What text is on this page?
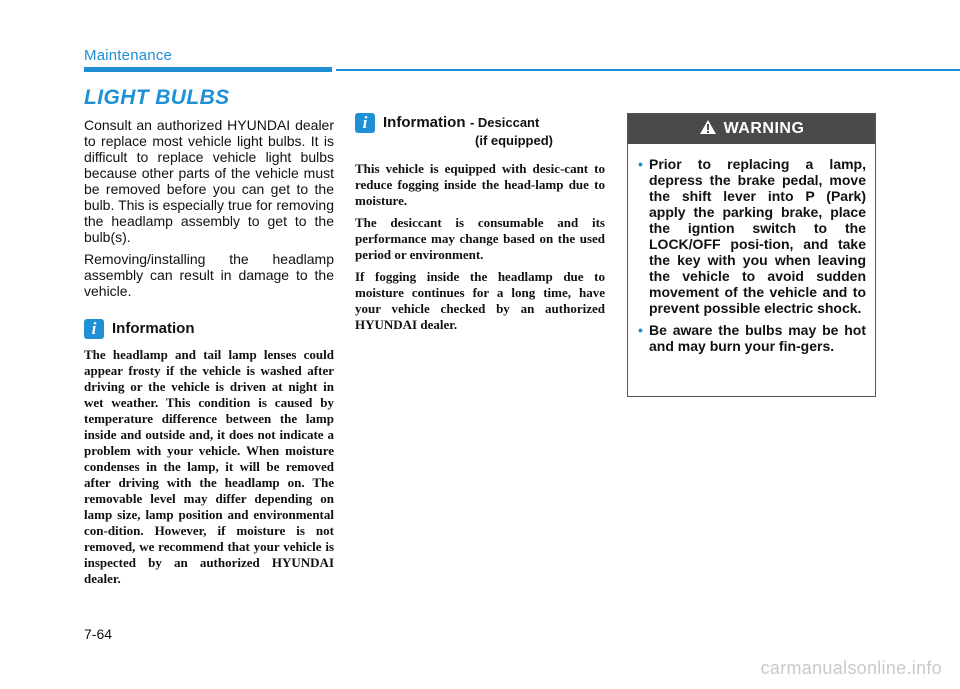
Maintenance
LIGHT BULBS

Consult an authorized HYUNDAI dealer to replace most vehicle light bulbs. It is difficult to replace vehicle light bulbs because other parts of the vehicle must be removed before you can get to the bulb. This is especially true for removing the headlamp assembly to get to the bulb(s).

Removing/installing the headlamp assembly can result in damage to the vehicle.

i	Information

The headlamp and tail lamp lenses could appear frosty if the vehicle is washed after driving or the vehicle is driven at night in wet weather. This condition is caused by temperature difference between the lamp inside and outside and, it does not indicate a problem with your vehicle. When moisture condenses in the lamp, it will be removed after driving with the headlamp on. The removable level may differ depending on lamp size, lamp position and environmental con-dition. However, if moisture is not removed, we recommend that your vehicle is inspected by an authorized HYUNDAI dealer.

i	Information - Desiccant
(if equipped)

This vehicle is equipped with desic-cant to reduce fogging inside the head-lamp due to moisture.

The desiccant is consumable and its performance may change based on the used period or environment.

If fogging inside the headlamp due to moisture continues for a long time, have your vehicle checked by an authorized HYUNDAI dealer.

WARNING
• Prior to replacing a lamp, depress the brake pedal, move the shift lever into P (Park) apply the parking brake, place the igntion switch to the LOCK/OFF posi-tion, and take the key with you when leaving the vehicle to avoid sudden movement of the vehicle and to prevent possible electric shock.
• Be aware the bulbs may be hot and may burn your fin-gers.
7-64
carmanualsonline.info
